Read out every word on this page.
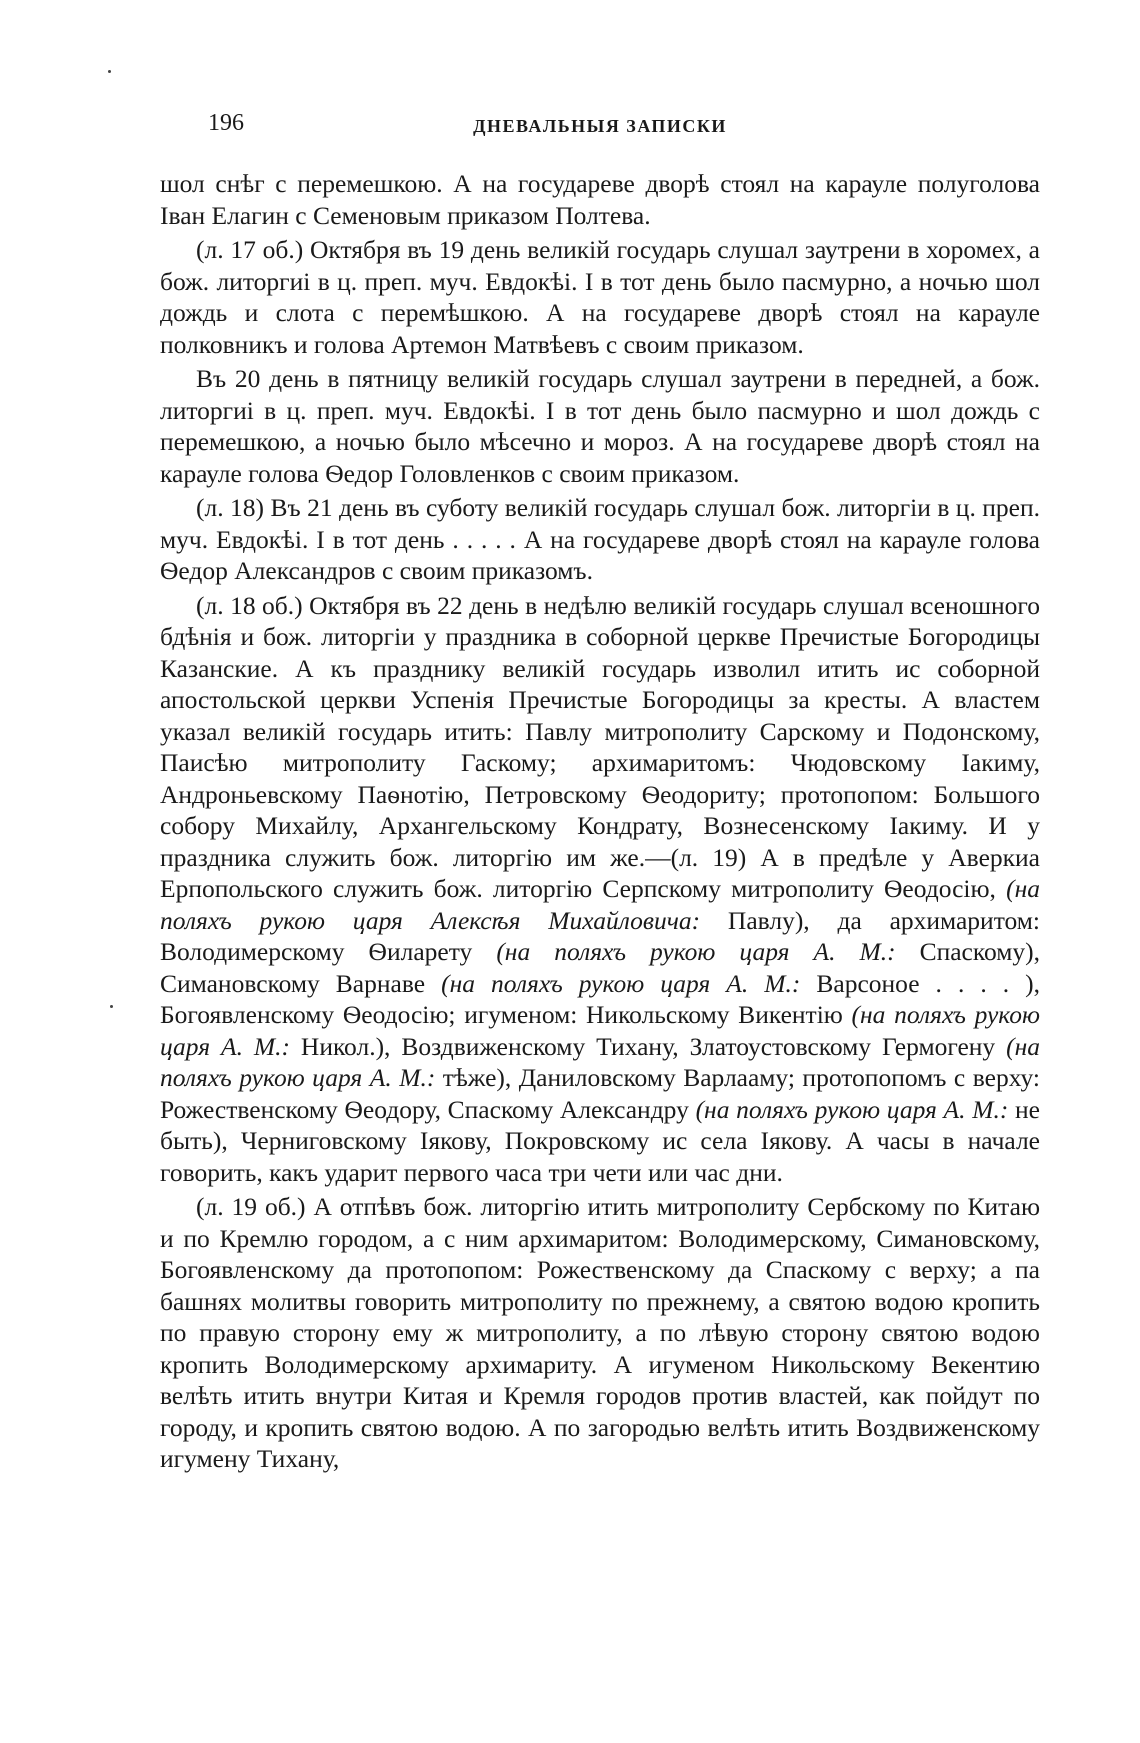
196	ДНЕВАЛЬНЫЯ ЗАПИСКИ

шол снѣг с перемешкою. А на государеве дворѣ стоял на карауле полуголова Іван Елагин с Семеновым приказом Полтева.

(л. 17 об.) Октября въ 19 день великій государь слушал заутрени в хоромех, а бож. литоргиі в ц. преп. муч. Евдокѣі. І в тот день было пасмурно, а ночью шол дождь и слота с перемѣшкою. А на государеве дворѣ стоял на карауле полковникъ и голова Артемон Матвѣевъ с своим приказом.

Въ 20 день в пятницу великій государь слушал заутрени в передней, а бож. литоргиі в ц. преп. муч. Евдокѣі. І в тот день было пасмурно и шол дождь с перемешкою, а ночью было мѣсечно и мороз. А на государеве дворѣ стоял на карауле голова Ѳедор Головленков с своим приказом.

(л. 18) Въ 21 день въ суботу великій государь слушал бож. литоргіи в ц. преп. муч. Евдокѣі. І в тот день . . . . . А на государеве дворѣ стоял на карауле голова Ѳедор Александров с своим приказомъ.

(л. 18 об.) Октября въ 22 день в недѣлю великій государь слушал всеношного бдѣнія и бож. литоргіи у праздника в соборной церкве Пречистые Богородицы Казанские. А къ празднику великій государь изволил итить ис соборной апостольской церкви Успенія Пречистые Богородицы за кресты. А властем указал великій государь итить: Павлу митрополиту Сарскому и Подонскому, Паисѣю митрополиту Гаскому; архимаритомъ: Чюдовскому Іакиму, Андроньевскому Паѳнотію, Петровскому Ѳеодориту; протопопом: Большого собору Михайлу, Архангельскому Кондрату, Вознесенскому Іакиму. И у праздника служить бож. литоргію им же.—(л. 19) А в предѣле у Аверкиа Ерпопольского служить бож. литоргію Серпскому митрополиту Ѳеодосію, (на поляхъ рукою царя Алексѣя Михайловича: Павлу), да архимаритом: Володимерскому Ѳиларету (на поляхъ рукою царя А. М.: Спаскому), Симановскому Варнаве (на поляхъ рукою царя А. М.: Варсоное . . . . ), Богоявленскому Ѳеодосію; игуменом: Никольскому Викентію (на поляхъ рукою царя А. М.: Никол.), Воздвиженскому Тихану, Златоустовскому Гермогену (на поляхъ рукою царя А. М.: тѣже), Даниловскому Варлааму; протопопомъ с верху: Рожественскому Ѳеодору, Спаскому Александру (на поляхъ рукою царя А. М.: не быть), Черниговскому Іякову, Покровскому ис села Іякову. А часы в начале говорить, какъ ударит первого часа три чети или час дни.

(л. 19 об.) А отпѣвъ бож. литоргію итить митрополиту Сербскому по Китаю и по Кремлю городом, а с ним архимаритом: Володимерскому, Симановскому, Богоявленскому да протопопом: Рожественскому да Спаскому с верху; а па башнях молитвы говорить митрополиту по прежнему, а святою водою кропить по правую сторону ему ж митрополиту, а по лѣвую сторону святою водою кропить Володимерскому архимариту. А игуменом Никольскому Векентию велѣть итить внутри Китая и Кремля городов против властей, как пойдут по городу, и кропить святою водою. А по загородью велѣть итить Воздвиженскому игумену Тихану,
